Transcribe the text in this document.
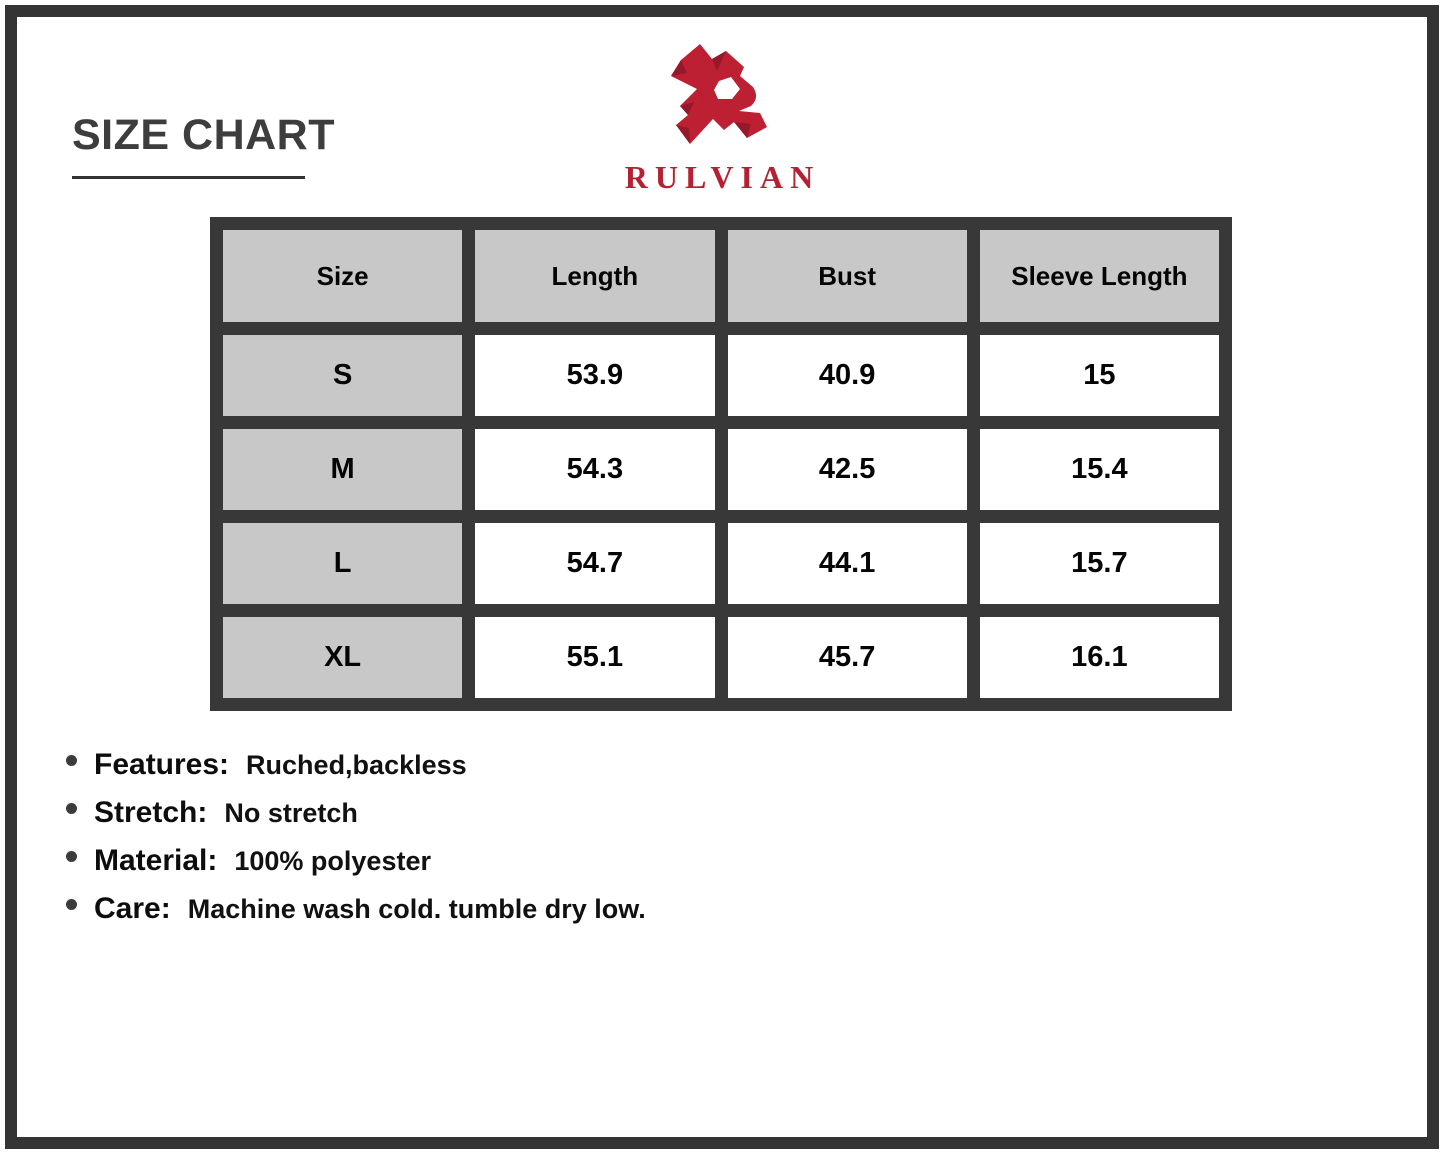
SIZE CHART
RULVIAN
Size	Length	Bust	Sleeve Length
S	53.9	40.9	15
M	54.3	42.5	15.4
L	54.7	44.1	15.7
XL	55.1	45.7	16.1
Features: Ruched,backless
Stretch: No stretch
Material: 100% polyester
Care: Machine wash cold. tumble dry low.
